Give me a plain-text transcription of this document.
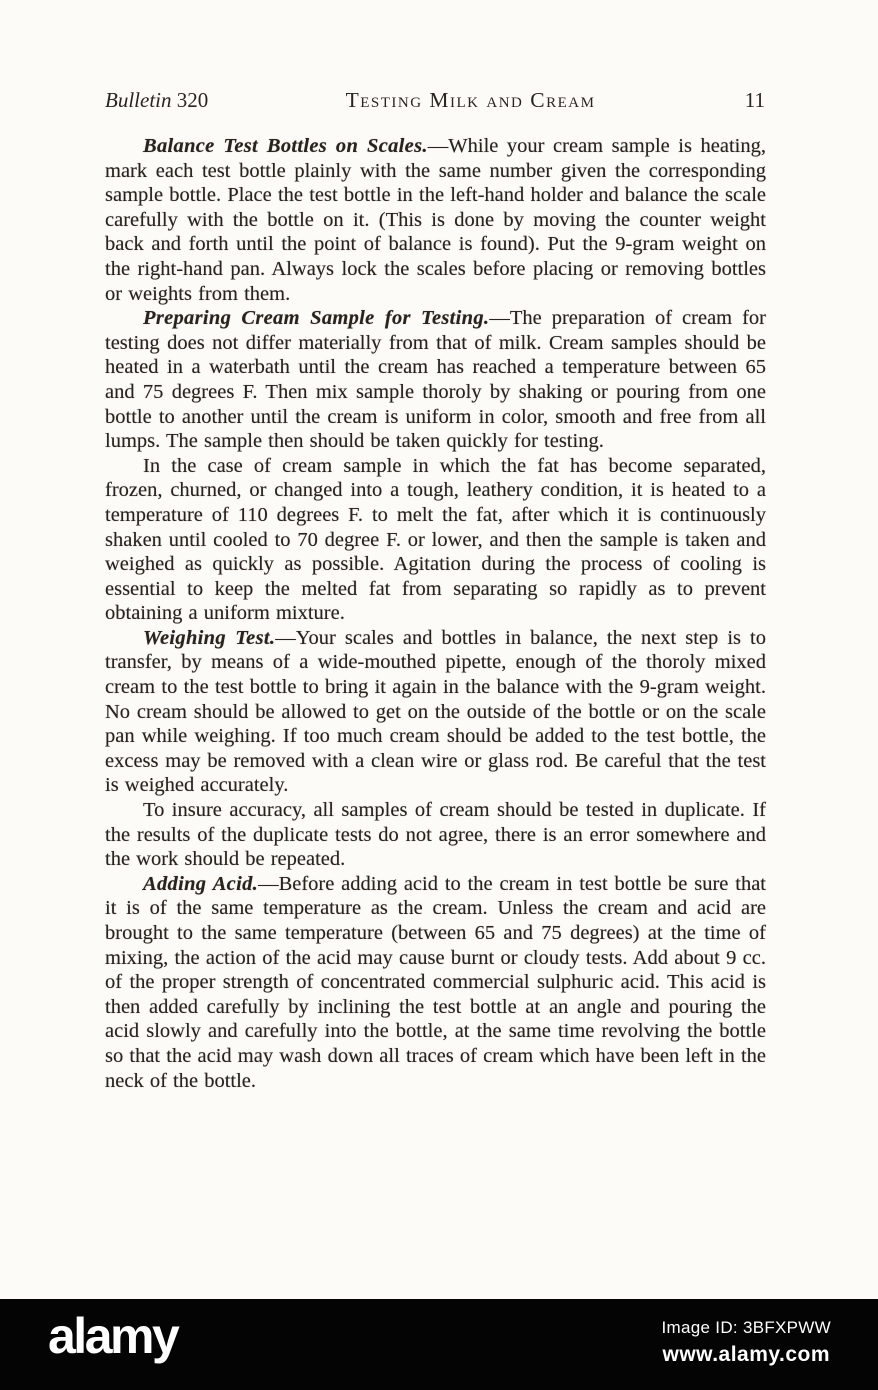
Bulletin 320	Testing Milk and Cream	11

Balance Test Bottles on Scales.—While your cream sample is heating, mark each test bottle plainly with the same number given the corresponding sample bottle. Place the test bottle in the left-hand holder and balance the scale carefully with the bottle on it. (This is done by moving the counter weight back and forth until the point of balance is found). Put the 9-gram weight on the right-hand pan. Always lock the scales before placing or removing bottles or weights from them.

Preparing Cream Sample for Testing.—The preparation of cream for testing does not differ materially from that of milk. Cream samples should be heated in a waterbath until the cream has reached a temperature between 65 and 75 degrees F. Then mix sample thoroly by shaking or pouring from one bottle to another until the cream is uniform in color, smooth and free from all lumps. The sample then should be taken quickly for testing.

In the case of cream sample in which the fat has become separated, frozen, churned, or changed into a tough, leathery condition, it is heated to a temperature of 110 degrees F. to melt the fat, after which it is continuously shaken until cooled to 70 degree F. or lower, and then the sample is taken and weighed as quickly as possible. Agitation during the process of cooling is essential to keep the melted fat from separating so rapidly as to prevent obtaining a uniform mixture.

Weighing Test.—Your scales and bottles in balance, the next step is to transfer, by means of a wide-mouthed pipette, enough of the thoroly mixed cream to the test bottle to bring it again in the balance with the 9-gram weight. No cream should be allowed to get on the outside of the bottle or on the scale pan while weighing. If too much cream should be added to the test bottle, the excess may be removed with a clean wire or glass rod. Be careful that the test is weighed accurately.

To insure accuracy, all samples of cream should be tested in duplicate. If the results of the duplicate tests do not agree, there is an error somewhere and the work should be repeated.

Adding Acid.—Before adding acid to the cream in test bottle be sure that it is of the same temperature as the cream. Unless the cream and acid are brought to the same temperature (between 65 and 75 degrees) at the time of mixing, the action of the acid may cause burnt or cloudy tests. Add about 9 cc. of the proper strength of concentrated commercial sulphuric acid. This acid is then added carefully by inclining the test bottle at an angle and pouring the acid slowly and carefully into the bottle, at the same time revolving the bottle so that the acid may wash down all traces of cream which have been left in the neck of the bottle.

alamy	Image ID: 3BFXPWW
www.alamy.com
